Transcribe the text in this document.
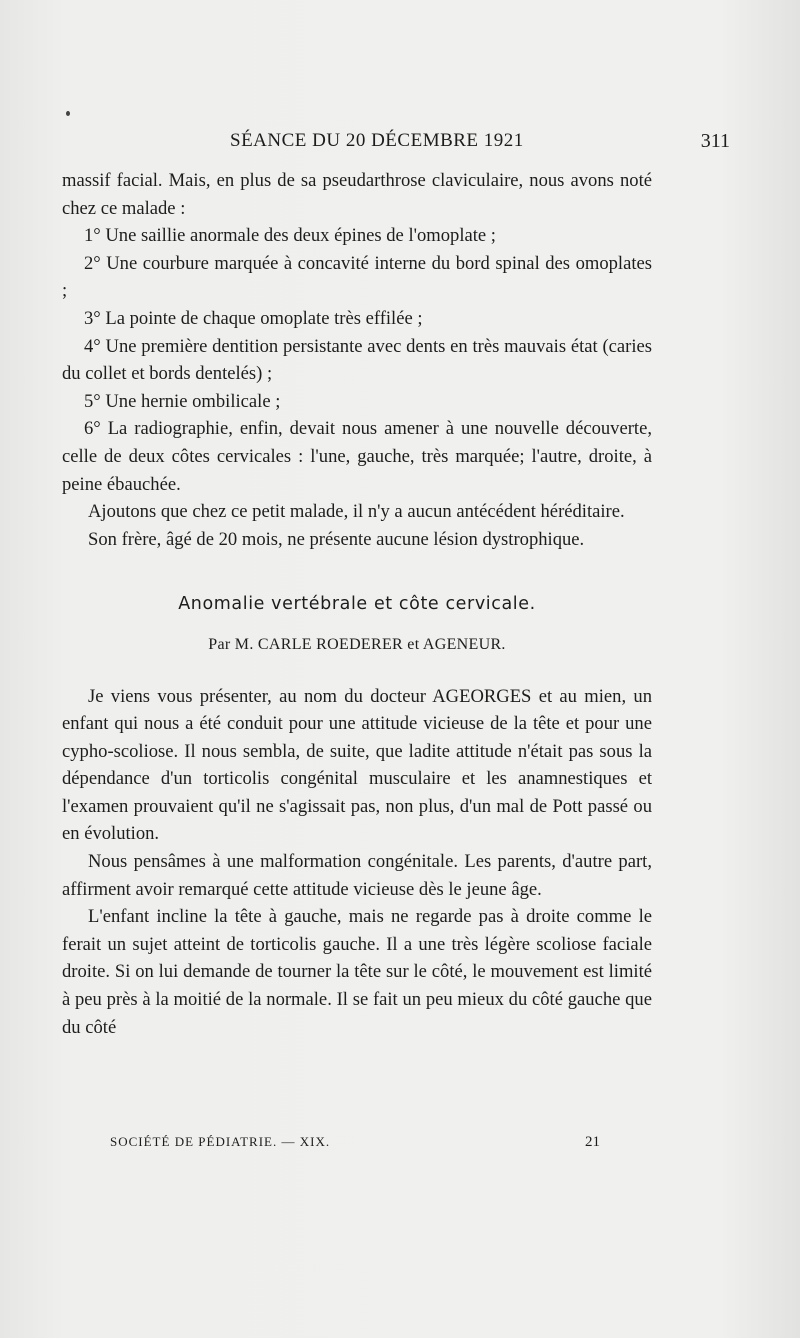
SÉANCE DU 20 DÉCEMBRE 1921	311

massif facial. Mais, en plus de sa pseudarthrose claviculaire, nous avons noté chez ce malade :

1° Une saillie anormale des deux épines de l'omoplate ;

2° Une courbure marquée à concavité interne du bord spinal des omoplates ;

3° La pointe de chaque omoplate très effilée ;

4° Une première dentition persistante avec dents en très mauvais état (caries du collet et bords dentelés) ;

5° Une hernie ombilicale ;

6° La radiographie, enfin, devait nous amener à une nouvelle découverte, celle de deux côtes cervicales : l'une, gauche, très marquée; l'autre, droite, à peine ébauchée.

Ajoutons que chez ce petit malade, il n'y a aucun antécédent héréditaire.

Son frère, âgé de 20 mois, ne présente aucune lésion dystrophique.

Anomalie vertébrale et côte cervicale.
Par M. CARLE ROEDERER et AGENEUR.

Je viens vous présenter, au nom du docteur AGEORGES et au mien, un enfant qui nous a été conduit pour une attitude vicieuse de la tête et pour une cypho-scoliose. Il nous sembla, de suite, que ladite attitude n'était pas sous la dépendance d'un torticolis congénital musculaire et les anamnestiques et l'examen prouvaient qu'il ne s'agissait pas, non plus, d'un mal de Pott passé ou en évolution.

Nous pensâmes à une malformation congénitale. Les parents, d'autre part, affirment avoir remarqué cette attitude vicieuse dès le jeune âge.

L'enfant incline la tête à gauche, mais ne regarde pas à droite comme le ferait un sujet atteint de torticolis gauche. Il a une très légère scoliose faciale droite. Si on lui demande de tourner la tête sur le côté, le mouvement est limité à peu près à la moitié de la normale. Il se fait un peu mieux du côté gauche que du côté

SOCIÉTÉ DE PÉDIATRIE. — XIX.	21
